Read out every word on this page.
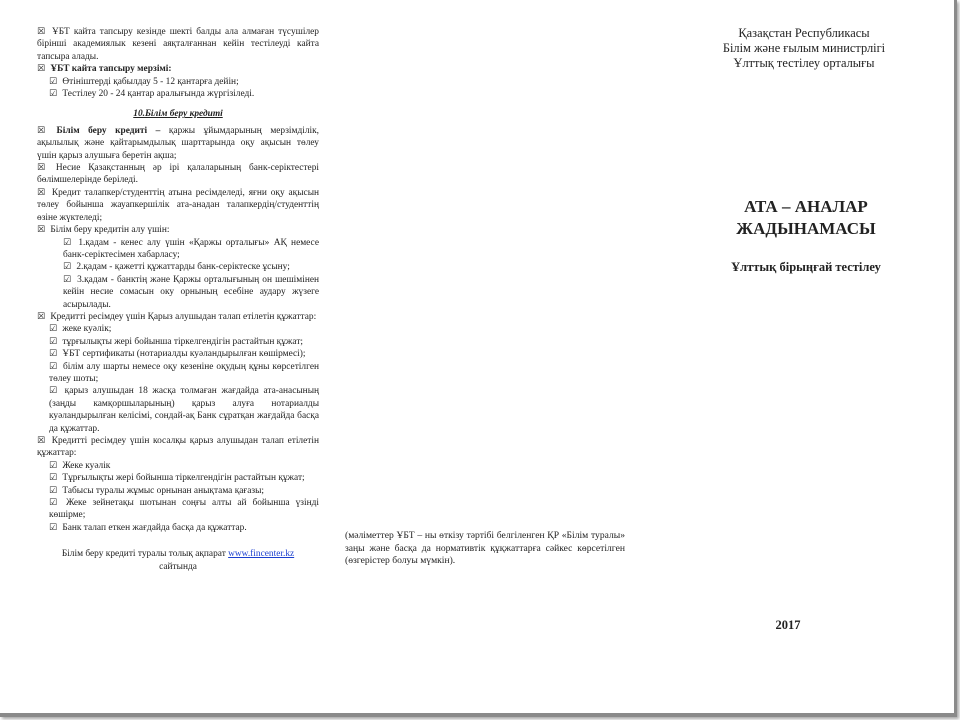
☒ ҰБТ кайта тапсыру кезінде шекті балды ала алмаған түсушілер бірінші академиялык кезені аяқталғаннан кейін тестілеуді кайта тапсыра алады.

☒ ҰБТ кайта тапсыру мерзімі:

☑ Өтініштерді қабылдау 5 - 12 қантарға дейін;

☑ Тестілеу 20 - 24 қантар аралығында жүргізіледі.

10.Білім беру кредиті

☒ Білім беру кредиті – қаржы ұйымдарының мерзімділік, ақылылық және қайтарымдылық шарттарында оқу ақысын төлеу үшін қарыз алушыға беретін ақша;

☒ Несие Қазақстанның әр ірі қалаларының банк-серіктестері бөлімшелерінде беріледі.

☒ Кредит талапкер/студенттің атына ресімделеді, яғни оқу ақысын төлеу бойынша жауапкершілік ата-анадан талапкердің/студенттің өзіне жүктеледі;

☒ Білім беру кредитін алу үшін:

☑ 1.қадам - кенес алу үшін «Қаржы орталығы» АҚ немесе банк-серіктесімен хабарласу;

☑ 2.қадам - қажетті құжаттарды банк-серіктеске ұсыну;

☑ 3.қадам - банктің және Қаржы орталығының он шешімінен кейін несие сомасын оку орнының есебіне аудару жүзеге асырылады.

☒ Кредитті ресімдеу үшін Қарыз алушыдан талап етілетін құжаттар:

☑ жеке куәлік;

☑ тұрғылықты жері бойынша тіркелгендігін растайтын құжат;

☑ ҰБТ сертификаты (нотариалды куәландырылған көшірмесі);

☑ білім алу шарты немесе оқу кезеніне оқудың құны көрсетілген төлеу шоты;

☑ қарыз алушыдан 18 жасқа толмаған жағдайда ата-анасының (заңды камқоршыларының) қарыз алуға нотариалды куәландырылған келісімі, сондай-ақ Банк сұратқан жағдайда басқа да құжаттар.

☒ Кредитті ресімдеу үшін косалқы қарыз алушыдан талап етілетін құжаттар:

☑ Жеке куәлік

☑ Тұрғылықты жері бойынша тіркелгендігін растайтын құжат;

☑ Табысы туралы жұмыс орнынан анықтама қағазы;

☑ Жеке зейнетақы шотынан соңғы алты ай бойынша үзінді көшірме;

☑ Банк талап еткен жағдайда басқа да құжаттар.

Білім беру кредиті туралы толық ақпарат www.fincenter.kz
сайтында

(мәліметтер ҰБТ – ны өткізу тәртібі белгіленген ҚР «Білім туралы» заңы және басқа да нормативтік құқжаттарға сәйкес көрсетілген (өзгерістер болуы мүмкін).
Қазақстан Республикасы
Білім және ғылым министрлігі
Ұлттық тестілеу орталығы
АТА – АНАЛАР
ЖАДЫНАМАСЫ
Ұлттық бірыңғай тестілеу
2017
